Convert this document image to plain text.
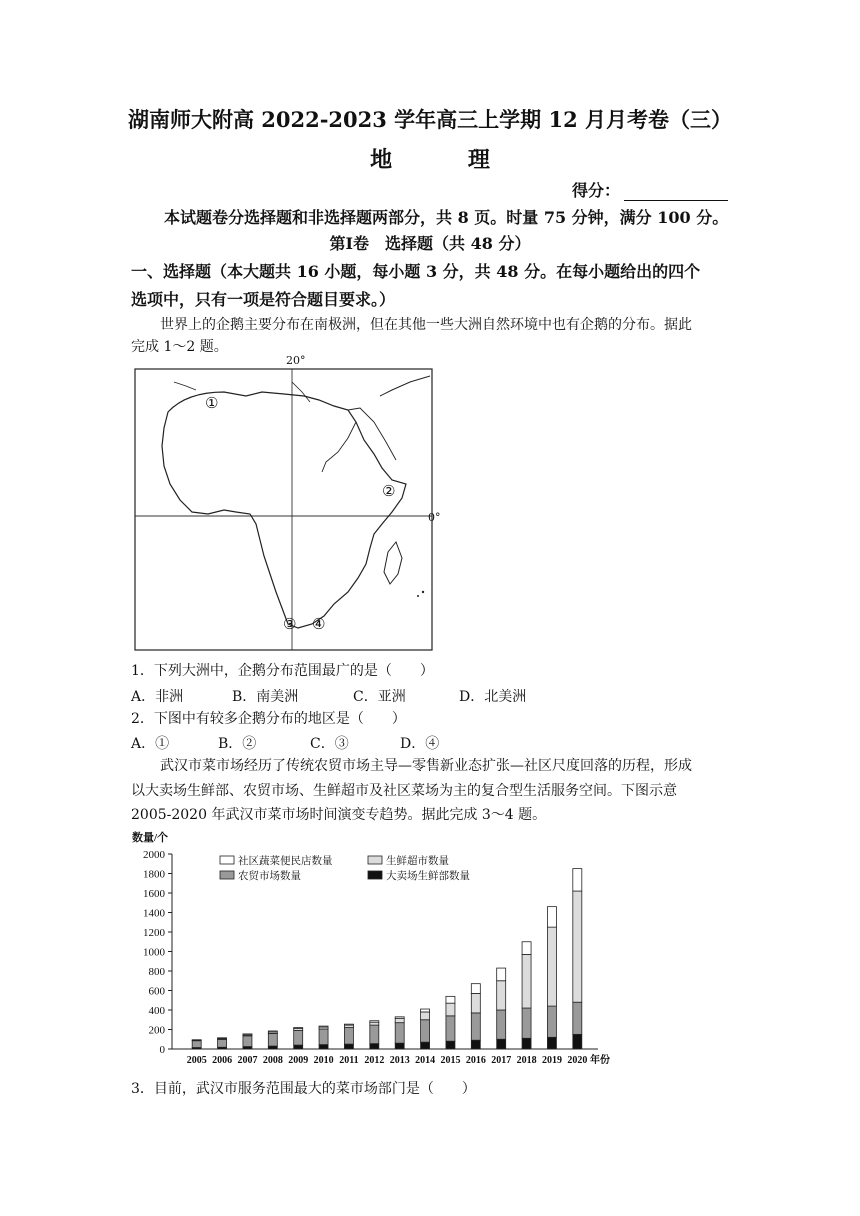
湖南师大附高 2022-2023 学年高三上学期 12 月月考卷（三）
地 理
得分：
本试题卷分选择题和非选择题两部分，共 8 页。时量 75 分钟，满分 100 分。
第Ⅰ卷　选择题（共 48 分）
一、选择题（本大题共 16 小题，每小题 3 分，共 48 分。在每小题给出的四个
选项中，只有一项是符合题目要求。）
世界上的企鹅主要分布在南极洲，但在其他一些大洲自然环境中也有企鹅的分布。据此
完成 1～2 题。
20°
0°
①
②
③ ④
1．下列大洲中，企鹅分布范围最广的是（　　）
A．非洲	B．南美洲	C．亚洲	D．北美洲
2．下图中有较多企鹅分布的地区是（　　）
A．①	B．②	C．③	D．④
武汉市菜市场经历了传统农贸市场主导—零售新业态扩张—社区尺度回落的历程，形成
以大卖场生鲜部、农贸市场、生鲜超市及社区菜场为主的复合型生活服务空间。下图示意
2005-2020 年武汉市菜市场时间演变专趋势。据此完成 3～4 题。
数量/个
0
200
400
600
800
1000
1200
1400
1600
1800
2000
2005 2006 2007 2008 2009 2010 2011 2012 2013 2014 2015 2016 2017 2018 2019 2020 年份
社区蔬菜便民店数量	生鲜超市数量
农贸市场数量	大卖场生鲜部数量
3．目前，武汉市服务范围最大的菜市场部门是（　　）
